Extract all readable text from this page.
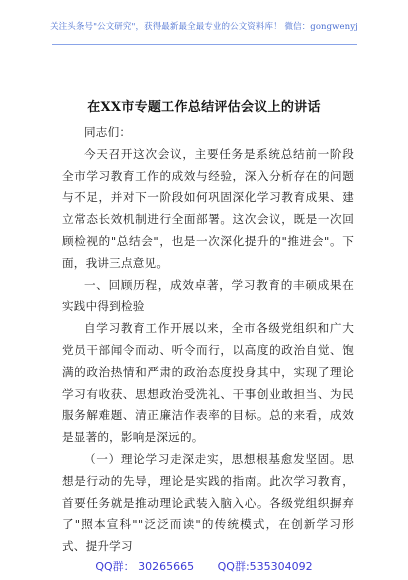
关注头条号"公文研究"，获得最新最全最专业的公文资料库！ 微信：gongwenyj
在XX市专题工作总结评估会议上的讲话

同志们：

今天召开这次会议，主要任务是系统总结前一阶段全市学习教育工作的成效与经验，深入分析存在的问题与不足，并对下一阶段如何巩固深化学习教育成果、建立常态长效机制进行全面部署。这次会议，既是一次回顾检视的"总结会"，也是一次深化提升的"推进会"。下面，我讲三点意见。

一、回顾历程，成效卓著，学习教育的丰硕成果在实践中得到检验

自学习教育工作开展以来，全市各级党组织和广大党员干部闻令而动、听令而行，以高度的政治自觉、饱满的政治热情和严肃的政治态度投身其中，实现了理论学习有收获、思想政治受洗礼、干事创业敢担当、为民服务解难题、清正廉洁作表率的目标。总的来看，成效是显著的，影响是深远的。

（一）理论学习走深走实，思想根基愈发坚固。思想是行动的先导，理论是实践的指南。此次学习教育，首要任务就是推动理论武装入脑入心。各级党组织摒弃了"照本宣科""泛泛而读"的传统模式，在创新学习形式、提升学习

QQ群： 30265665 QQ群:535304092
